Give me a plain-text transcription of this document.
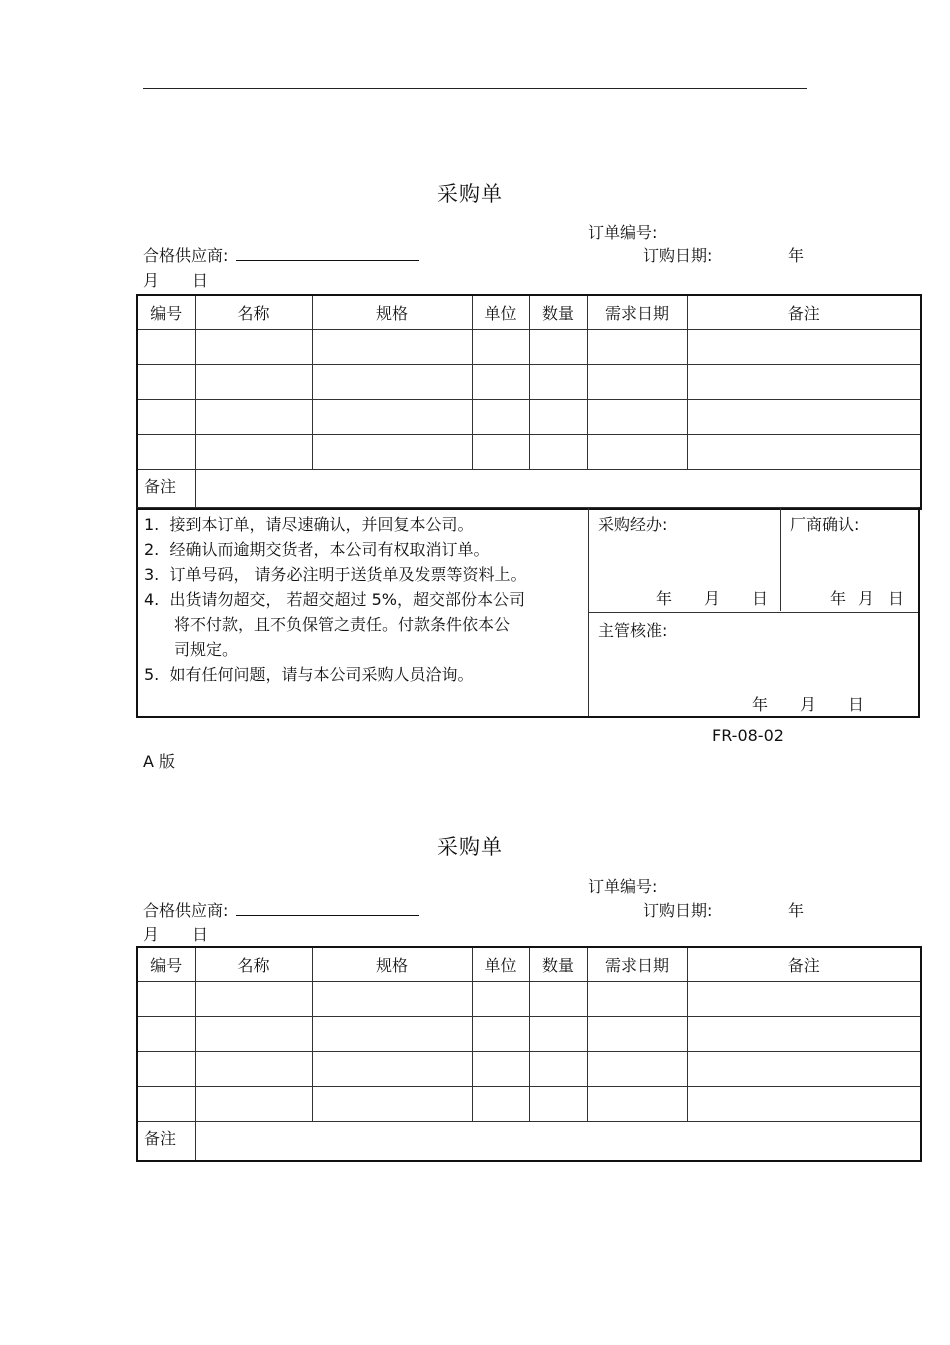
采购单
订单编号:
合格供应商:	订购日期:	年
月 日
编号	名称	规格	单位	数量	需求日期	备注

备注						
1. 接到本订单，请尽速确认，并回复本公司。
2. 经确认而逾期交货者，本公司有权取消订单。
3. 订单号码， 请务必注明于送货单及发票等资料上。
4. 出货请勿超交， 若超交超过 5%，超交部份本公司
将不付款，且不负保管之责任。付款条件依本公
司规定。
5. 如有任何问题，请与本公司采购人员洽询。
采购经办:
年 月 日
厂商确认:
年 月 日
主管核准:
年 月 日
FR-08-02
A 版
采购单
订单编号:
合格供应商:	订购日期:	年
月 日
编号	名称	规格	单位	数量	需求日期	备注

备注						
